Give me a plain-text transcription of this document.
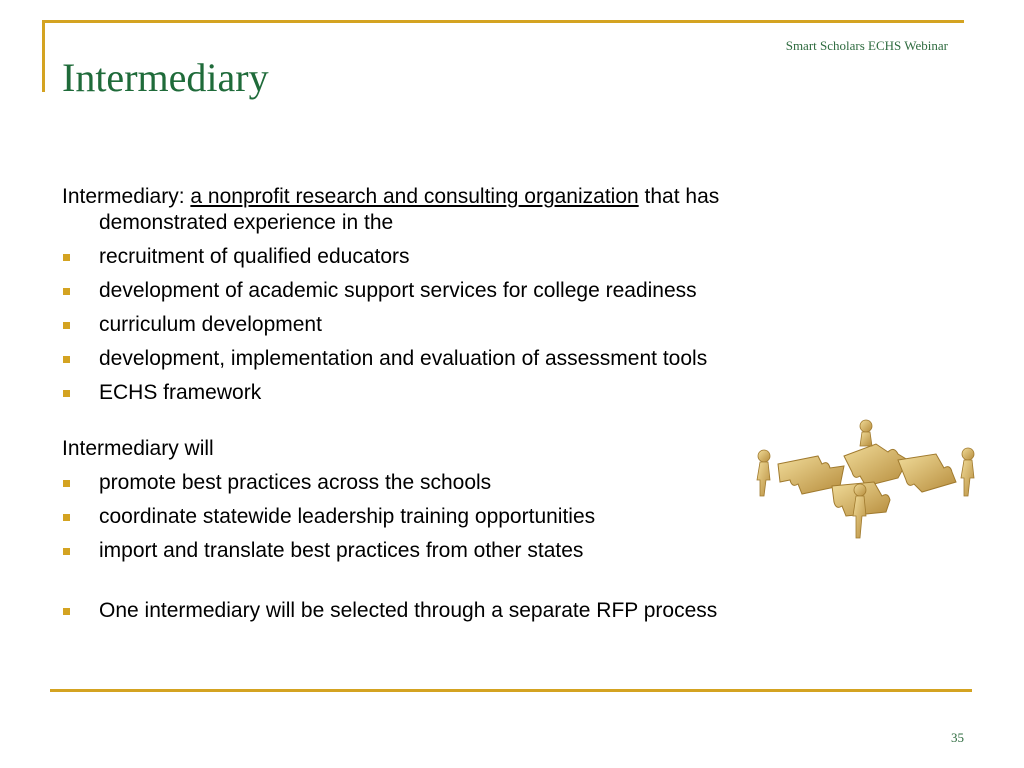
Smart Scholars ECHS Webinar
Intermediary

Intermediary: a nonprofit research and consulting organization that has
demonstrated experience in the

recruitment of qualified educators
development of academic support services for college readiness
curriculum development
development, implementation and evaluation of assessment tools
ECHS framework

Intermediary will

promote best practices across the schools
coordinate statewide leadership training opportunities
import and translate best practices from other states
One intermediary will be selected through a separate RFP process
35
